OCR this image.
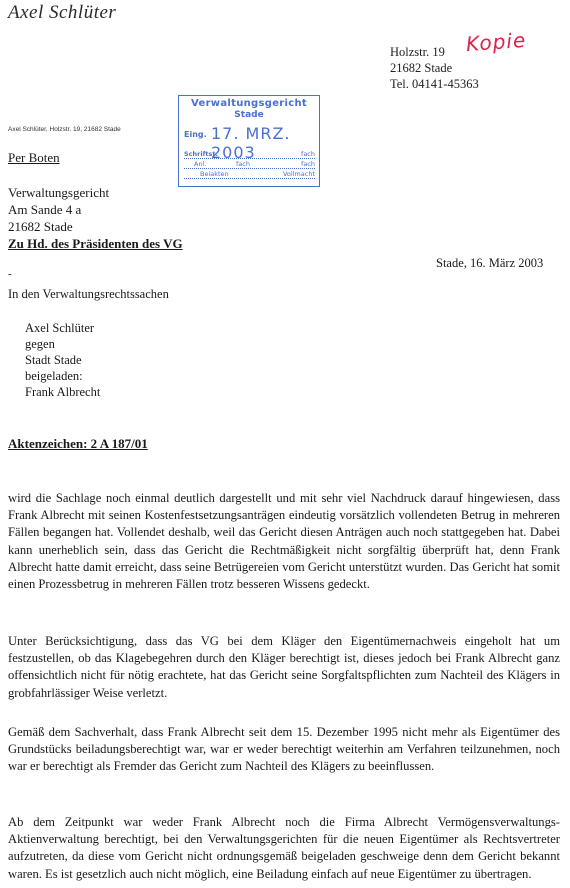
Axel Schlüter
Holzstr. 19
21682 Stade
Tel. 04141-45363
Kopie
Verwaltungsgericht
Stade
Eing. 17. MRZ. 2003
Schriftst.	fach
Anl.	fach	fach
Beiakten	Vollmacht
Axel Schlüter, Holzstr. 19, 21682 Stade
Per Boten
Verwaltungsgericht
Am Sande 4 a
21682 Stade
Zu Hd. des Präsidenten des VG
Stade, 16. März 2003
-
In den Verwaltungsrechtssachen
Axel Schlüter
gegen
Stadt Stade
beigeladen:
Frank Albrecht
Aktenzeichen: 2 A 187/01

wird die Sachlage noch einmal deutlich dargestellt und mit sehr viel Nachdruck darauf hingewiesen, dass Frank Albrecht mit seinen Kostenfestsetzungsanträgen eindeutig vorsätzlich vollendeten Betrug in mehreren Fällen begangen hat. Vollendet deshalb, weil das Gericht diesen Anträgen auch noch stattgegeben hat. Dabei kann unerheblich sein, dass das Gericht die Rechtmäßigkeit nicht sorgfältig überprüft hat, denn Frank Albrecht hatte damit erreicht, dass seine Betrügereien vom Gericht unterstützt wurden. Das Gericht hat somit einen Prozessbetrug in mehreren Fällen trotz besseren Wissens gedeckt.

Unter Berücksichtigung, dass das VG bei dem Kläger den Eigentümernachweis eingeholt hat um festzustellen, ob das Klagebegehren durch den Kläger berechtigt ist, dieses jedoch bei Frank Albrecht ganz offensichtlich nicht für nötig erachtete, hat das Gericht seine Sorgfaltspflichten zum Nachteil des Klägers in grobfahrlässiger Weise verletzt.

Gemäß dem Sachverhalt, dass Frank Albrecht seit dem 15. Dezember 1995 nicht mehr als Eigentümer des Grundstücks beiladungsberechtigt war, war er weder berechtigt weiterhin am Verfahren teilzunehmen, noch war er berechtigt als Fremder das Gericht zum Nachteil des Klägers zu beeinflussen.

Ab dem Zeitpunkt war weder Frank Albrecht noch die Firma Albrecht Vermögensverwaltungs-Aktienverwaltung berechtigt, bei den Verwaltungsgerichten für die neuen Eigentümer als Rechtsvertreter aufzutreten, da diese vom Gericht nicht ordnungsgemäß beigeladen geschweige denn dem Gericht bekannt waren. Es ist gesetzlich auch nicht möglich, eine Beiladung einfach auf neue Eigentümer zu übertragen.
